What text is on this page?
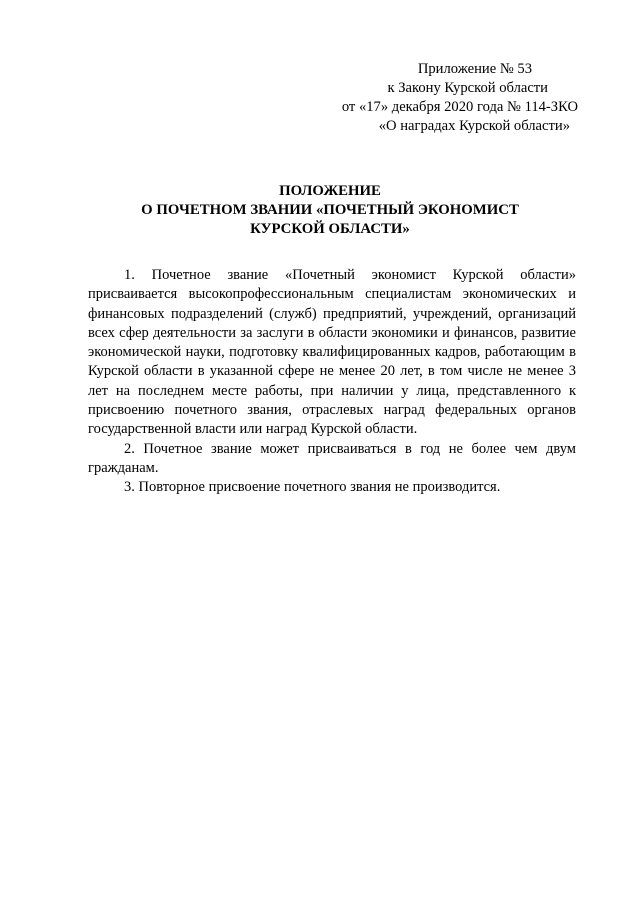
Приложение № 53
к Закону Курской области
от «17» декабря 2020 года № 114-ЗКО
«О наградах Курской области»
ПОЛОЖЕНИЕ
О ПОЧЕТНОМ ЗВАНИИ «ПОЧЕТНЫЙ ЭКОНОМИСТ
КУРСКОЙ ОБЛАСТИ»

1. Почетное звание «Почетный экономист Курской области» присваивается высокопрофессиональным специалистам экономических и финансовых подразделений (служб) предприятий, учреждений, организаций всех сфер деятельности за заслуги в области экономики и финансов, развитие экономической науки, подготовку квалифицированных кадров, работающим в Курской области в указанной сфере не менее 20 лет, в том числе не менее 3 лет на последнем месте работы, при наличии у лица, представленного к присвоению почетного звания, отраслевых наград федеральных органов государственной власти или наград Курской области.

2. Почетное звание может присваиваться в год не более чем двум гражданам.

3. Повторное присвоение почетного звания не производится.
